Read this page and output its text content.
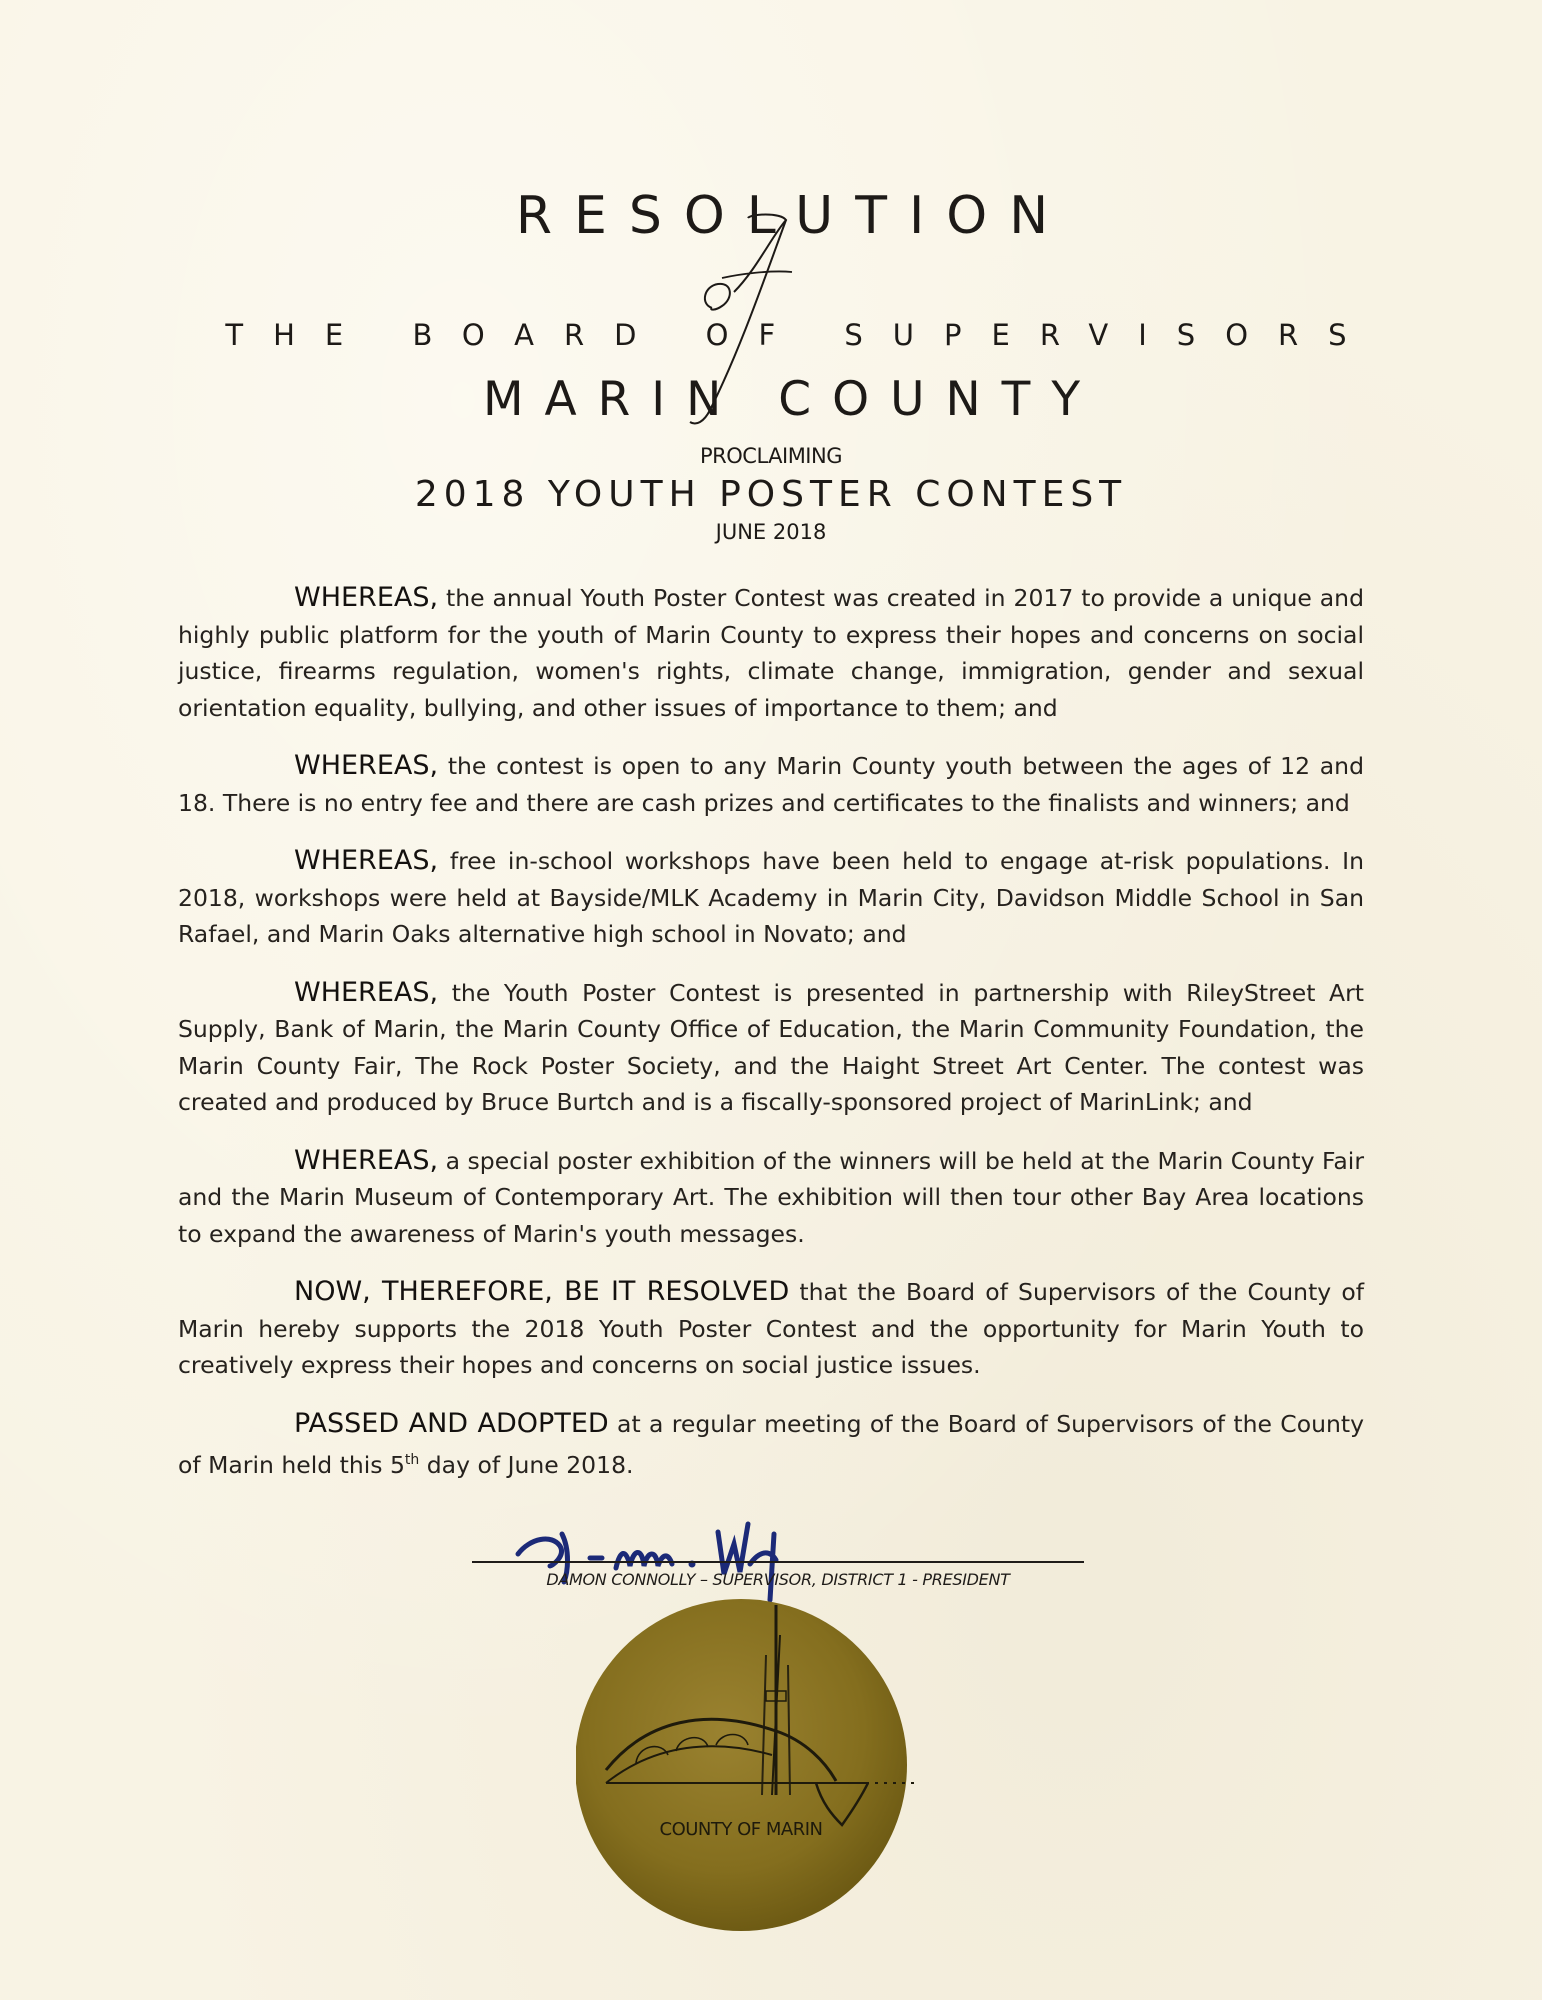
RESOLUTION
THE BOARD OF SUPERVISORS
MARIN COUNTY
PROCLAIMING
2018 YOUTH POSTER CONTEST
JUNE 2018

WHEREAS, the annual Youth Poster Contest was created in 2017 to provide a unique and highly public platform for the youth of Marin County to express their hopes and concerns on social justice, firearms regulation, women's rights, climate change, immigration, gender and sexual orientation equality, bullying, and other issues of importance to them; and

WHEREAS, the contest is open to any Marin County youth between the ages of 12 and 18. There is no entry fee and there are cash prizes and certificates to the finalists and winners; and

WHEREAS, free in-school workshops have been held to engage at-risk populations. In 2018, workshops were held at Bayside/MLK Academy in Marin City, Davidson Middle School in San Rafael, and Marin Oaks alternative high school in Novato; and

WHEREAS, the Youth Poster Contest is presented in partnership with RileyStreet Art Supply, Bank of Marin, the Marin County Office of Education, the Marin Community Foundation, the Marin County Fair, The Rock Poster Society, and the Haight Street Art Center. The contest was created and produced by Bruce Burtch and is a fiscally-sponsored project of MarinLink; and

WHEREAS, a special poster exhibition of the winners will be held at the Marin County Fair and the Marin Museum of Contemporary Art. The exhibition will then tour other Bay Area locations to expand the awareness of Marin's youth messages.

NOW, THEREFORE, BE IT RESOLVED that the Board of Supervisors of the County of Marin hereby supports the 2018 Youth Poster Contest and the opportunity for Marin Youth to creatively express their hopes and concerns on social justice issues.

PASSED AND ADOPTED at a regular meeting of the Board of Supervisors of the County of Marin held this 5th day of June 2018.

DAMON CONNOLLY – SUPERVISOR, DISTRICT 1 - PRESIDENT
COUNTY OF MARIN
